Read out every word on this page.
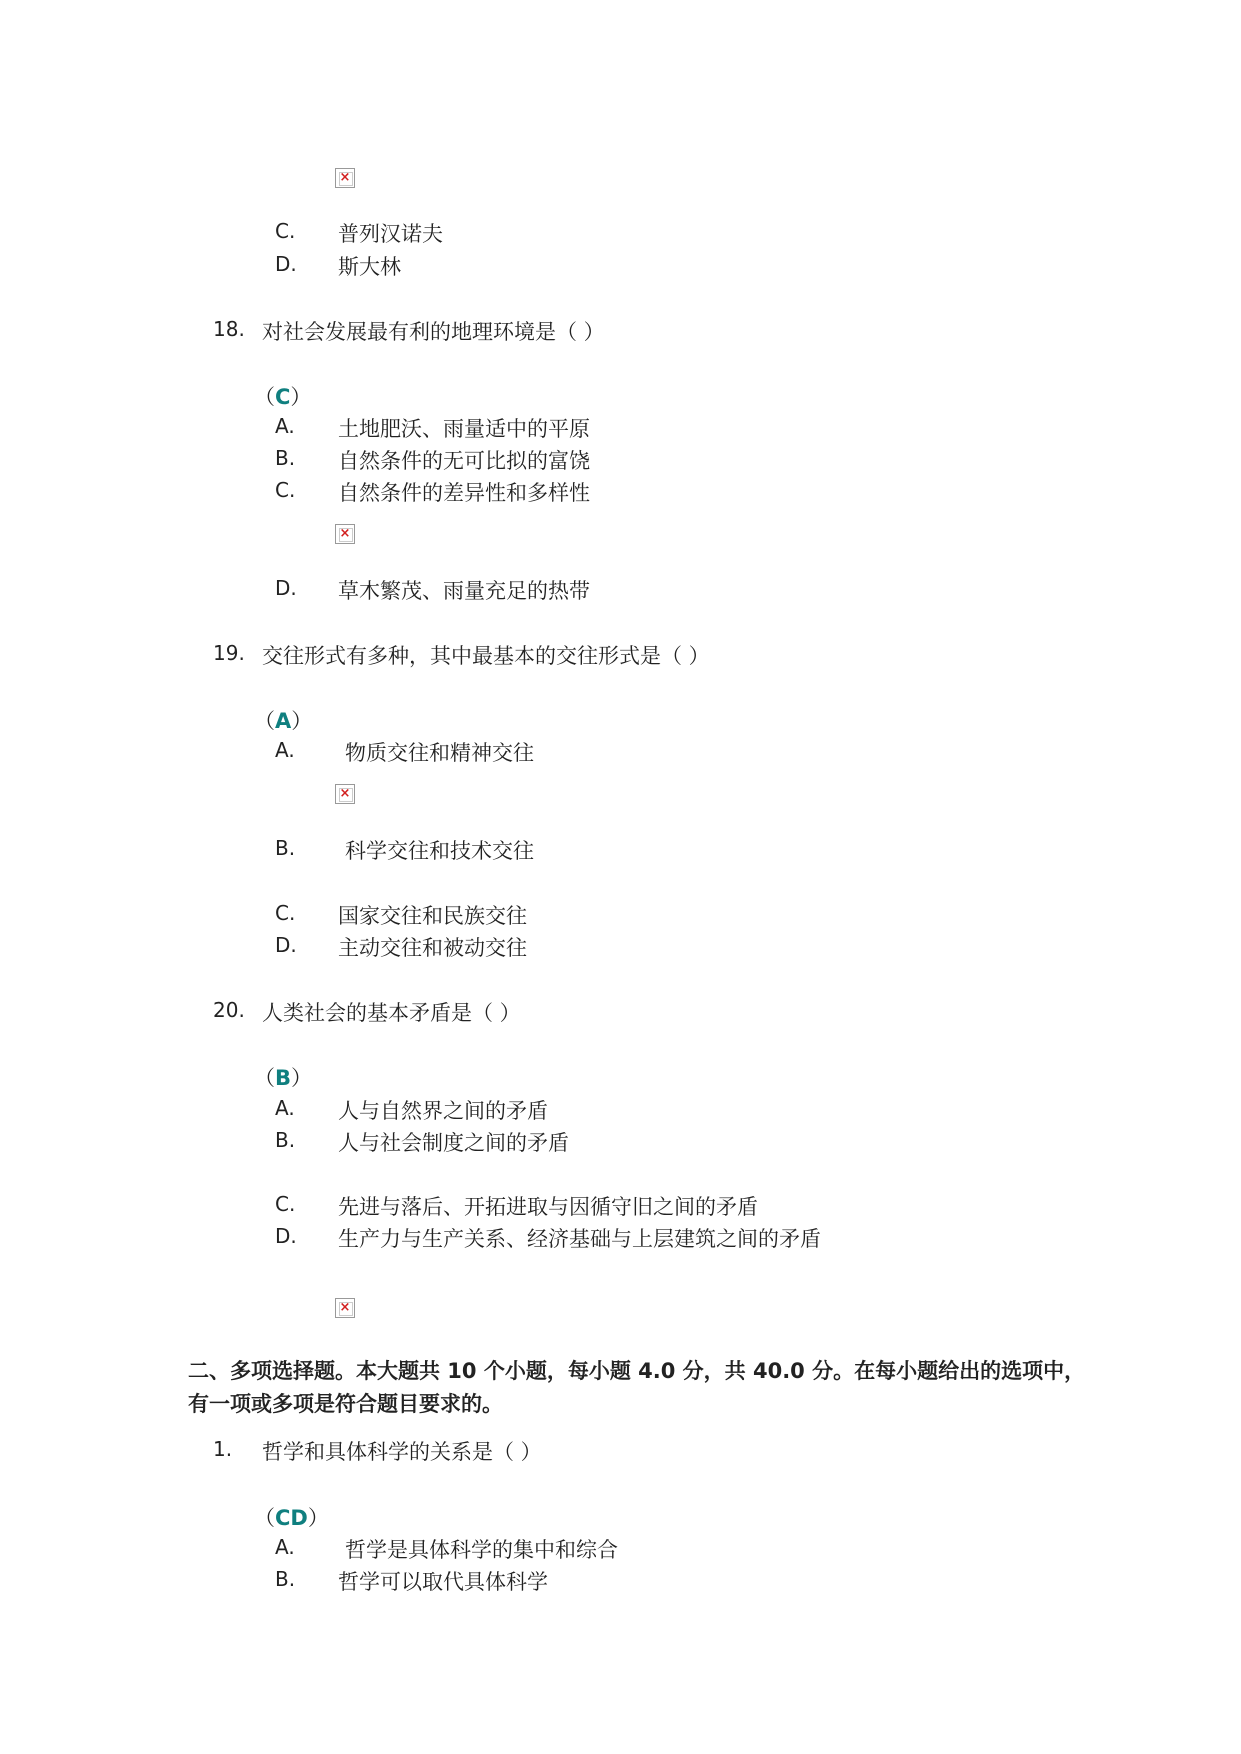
×
C. 普列汉诺夫
D. 斯大林
18. 对社会发展最有利的地理环境是（ ）
（C）
A. 土地肥沃、雨量适中的平原
B. 自然条件的无可比拟的富饶
C. 自然条件的差异性和多样性
×
D. 草木繁茂、雨量充足的热带
19. 交往形式有多种，其中最基本的交往形式是（ ）
（A）
A. 物质交往和精神交往
×
B. 科学交往和技术交往
C. 国家交往和民族交往
D. 主动交往和被动交往
20. 人类社会的基本矛盾是（ ）
（B）
A. 人与自然界之间的矛盾
B. 人与社会制度之间的矛盾
C. 先进与落后、开拓进取与因循守旧之间的矛盾
D. 生产力与生产关系、经济基础与上层建筑之间的矛盾
×
二、多项选择题。本大题共 10 个小题，每小题 4.0 分，共 40.0 分。在每小题给出的选项中，有一项或多项是符合题目要求的。
1. 哲学和具体科学的关系是（ ）
（CD）
A. 哲学是具体科学的集中和综合
B. 哲学可以取代具体科学
